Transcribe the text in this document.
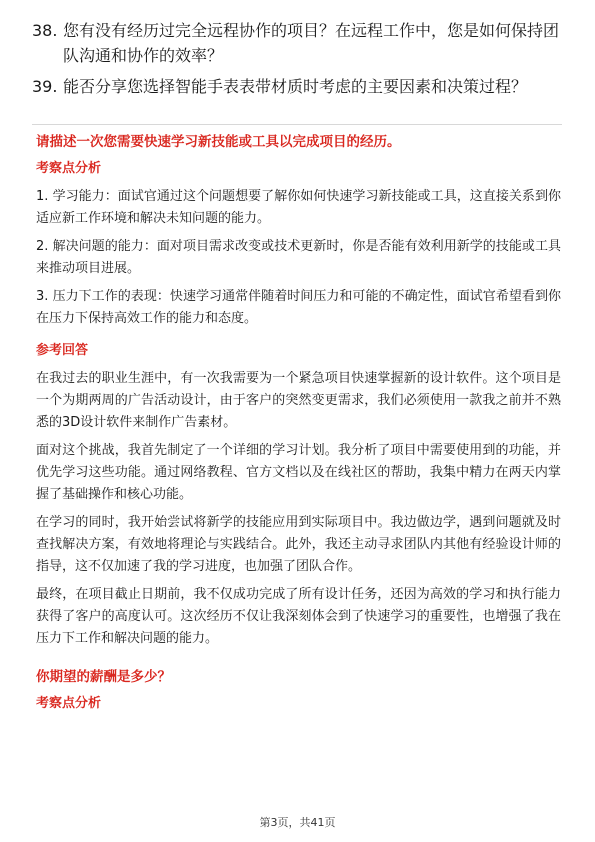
38. 您有没有经历过完全远程协作的项目？在远程工作中，您是如何保持团队沟通和协作的效率？
39. 能否分享您选择智能手表表带材质时考虑的主要因素和决策过程？
请描述一次您需要快速学习新技能或工具以完成项目的经历。
考察点分析
1. 学习能力：面试官通过这个问题想要了解你如何快速学习新技能或工具，这直接关系到你适应新工作环境和解决未知问题的能力。
2. 解决问题的能力：面对项目需求改变或技术更新时，你是否能有效利用新学的技能或工具来推动项目进展。
3. 压力下工作的表现：快速学习通常伴随着时间压力和可能的不确定性，面试官希望看到你在压力下保持高效工作的能力和态度。
参考回答
在我过去的职业生涯中，有一次我需要为一个紧急项目快速掌握新的设计软件。这个项目是一个为期两周的广告活动设计，由于客户的突然变更需求，我们必须使用一款我之前并不熟悉的3D设计软件来制作广告素材。
面对这个挑战，我首先制定了一个详细的学习计划。我分析了项目中需要使用到的功能，并优先学习这些功能。通过网络教程、官方文档以及在线社区的帮助，我集中精力在两天内掌握了基础操作和核心功能。
在学习的同时，我开始尝试将新学的技能应用到实际项目中。我边做边学，遇到问题就及时查找解决方案，有效地将理论与实践结合。此外，我还主动寻求团队内其他有经验设计师的指导，这不仅加速了我的学习进度，也加强了团队合作。
最终，在项目截止日期前，我不仅成功完成了所有设计任务，还因为高效的学习和执行能力获得了客户的高度认可。这次经历不仅让我深刻体会到了快速学习的重要性，也增强了我在压力下工作和解决问题的能力。
你期望的薪酬是多少？
考察点分析
第3页，共41页
